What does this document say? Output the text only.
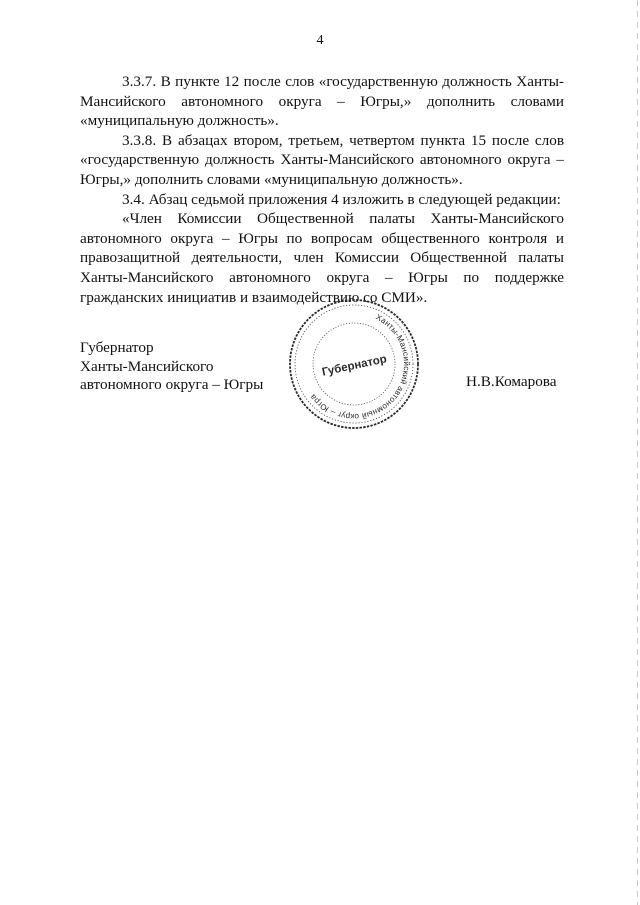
4

3.3.7. В пункте 12 после слов «государственную должность Ханты-Мансийского автономного округа – Югры,» дополнить словами «муниципальную должность».

3.3.8. В абзацах втором, третьем, четвертом пункта 15 после слов «государственную должность Ханты-Мансийского автономного округа – Югры,» дополнить словами «муниципальную должность».

3.4. Абзац седьмой приложения 4 изложить в следующей редакции:

«Член Комиссии Общественной палаты Ханты-Мансийского автономного округа – Югры по вопросам общественного контроля и правозащитной деятельности, член Комиссии Общественной палаты Ханты-Мансийского автономного округа – Югры по поддержке гражданских инициатив и взаимодействию со СМИ».

Губернатор
Ханты-Мансийского
автономного округа – Югры
Ханты-Мансийский автономный округ – Югра
Губернатор
Н.В.Комарова
